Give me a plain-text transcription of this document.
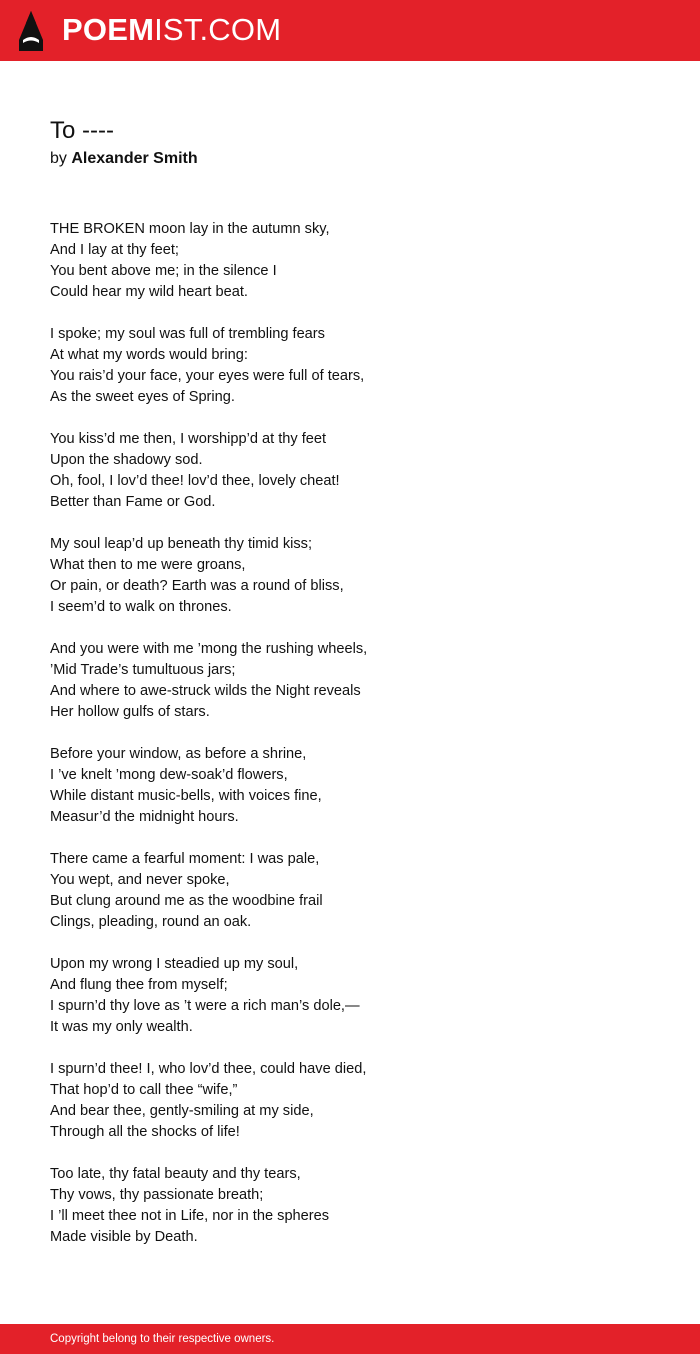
POEMIST.COM
To ----
by Alexander Smith
THE BROKEN moon lay in the autumn sky,
And I lay at thy feet;
You bent above me; in the silence I
Could hear my wild heart beat.
I spoke; my soul was full of trembling fears
At what my words would bring:
You rais’d your face, your eyes were full of tears,
As the sweet eyes of Spring.
You kiss’d me then, I worshipp’d at thy feet
Upon the shadowy sod.
Oh, fool, I lov’d thee! lov’d thee, lovely cheat!
Better than Fame or God.
My soul leap’d up beneath thy timid kiss;
What then to me were groans,
Or pain, or death? Earth was a round of bliss,
I seem’d to walk on thrones.
And you were with me ’mong the rushing wheels,
’Mid Trade’s tumultuous jars;
And where to awe-struck wilds the Night reveals
Her hollow gulfs of stars.
Before your window, as before a shrine,
I ’ve knelt ’mong dew-soak’d flowers,
While distant music-bells, with voices fine,
Measur’d the midnight hours.
There came a fearful moment: I was pale,
You wept, and never spoke,
But clung around me as the woodbine frail
Clings, pleading, round an oak.
Upon my wrong I steadied up my soul,
And flung thee from myself;
I spurn’d thy love as ’t were a rich man’s dole,—
It was my only wealth.
I spurn’d thee! I, who lov’d thee, could have died,
That hop’d to call thee “wife,”
And bear thee, gently-smiling at my side,
Through all the shocks of life!
Too late, thy fatal beauty and thy tears,
Thy vows, thy passionate breath;
I ’ll meet thee not in Life, nor in the spheres
Made visible by Death.
Copyright belong to their respective owners.
